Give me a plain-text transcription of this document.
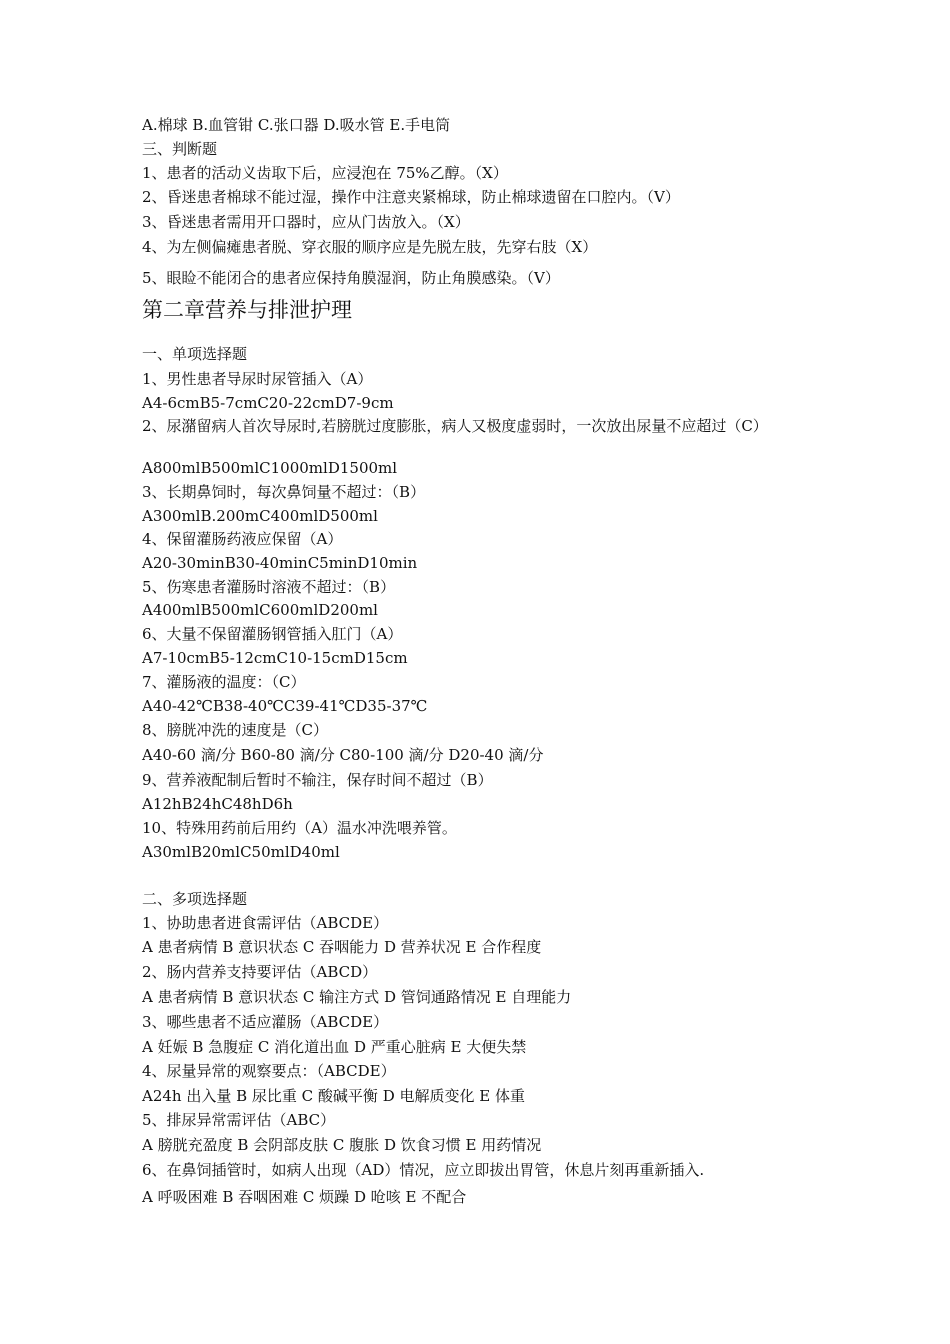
A.棉球 B.血管钳 C.张口器 D.吸水管 E.手电筒
三、判断题
1、患者的活动义齿取下后，应浸泡在 75%乙醇。（X）
2、昏迷患者棉球不能过湿，操作中注意夹紧棉球，防止棉球遗留在口腔内。（V）
3、昏迷患者需用开口器时，应从门齿放入。（X）
4、为左侧偏瘫患者脱、穿衣服的顺序应是先脱左肢，先穿右肢（X）
5、眼睑不能闭合的患者应保持角膜湿润，防止角膜感染。（V）
第二章营养与排泄护理
一、单项选择题
1、男性患者导尿时尿管插入（A）
A4-6cmB5-7cmC20-22cmD7-9cm
2、尿潴留病人首次导尿时,若膀胱过度膨胀，病人又极度虚弱时，一次放出尿量不应超过（C）
A800mlB500mlC1000mlD1500ml
3、长期鼻饲时，每次鼻饲量不超过：（B）
A300mlB.200mC400mlD500ml
4、保留灌肠药液应保留（A）
A20-30minB30-40minC5minD10min
5、伤寒患者灌肠时溶液不超过：（B）
A400mlB500mlC600mlD200ml
6、大量不保留灌肠钢管插入肛门（A）
A7-10cmB5-12cmC10-15cmD15cm
7、灌肠液的温度：（C）
A40-42℃B38-40℃C39-41℃D35-37℃
8、膀胱冲洗的速度是（C）
A40-60 滴/分 B60-80 滴/分 C80-100 滴/分 D20-40 滴/分
9、营养液配制后暂时不输注，保存时间不超过（B）
A12hB24hC48hD6h
10、特殊用药前后用约（A）温水冲洗喂养管。
A30mlB20mlC50mlD40ml
二、多项选择题
1、协助患者进食需评估（ABCDE）
A 患者病情 B 意识状态 C 吞咽能力 D 营养状况 E 合作程度
2、肠内营养支持要评估（ABCD）
A 患者病情 B 意识状态 C 输注方式 D 管饲通路情况 E 自理能力
3、哪些患者不适应灌肠（ABCDE）
A 妊娠 B 急腹症 C 消化道出血 D 严重心脏病 E 大便失禁
4、尿量异常的观察要点：（ABCDE）
A24h 出入量 B 尿比重 C 酸碱平衡 D 电解质变化 E 体重
5、排尿异常需评估（ABC）
A 膀胱充盈度 B 会阴部皮肤 C 腹胀 D 饮食习惯 E 用药情况
6、在鼻饲插管时，如病人出现（AD）情况，应立即拔出胃管，休息片刻再重新插入.
A 呼吸困难 B 吞咽困难 C 烦躁 D 呛咳 E 不配合
